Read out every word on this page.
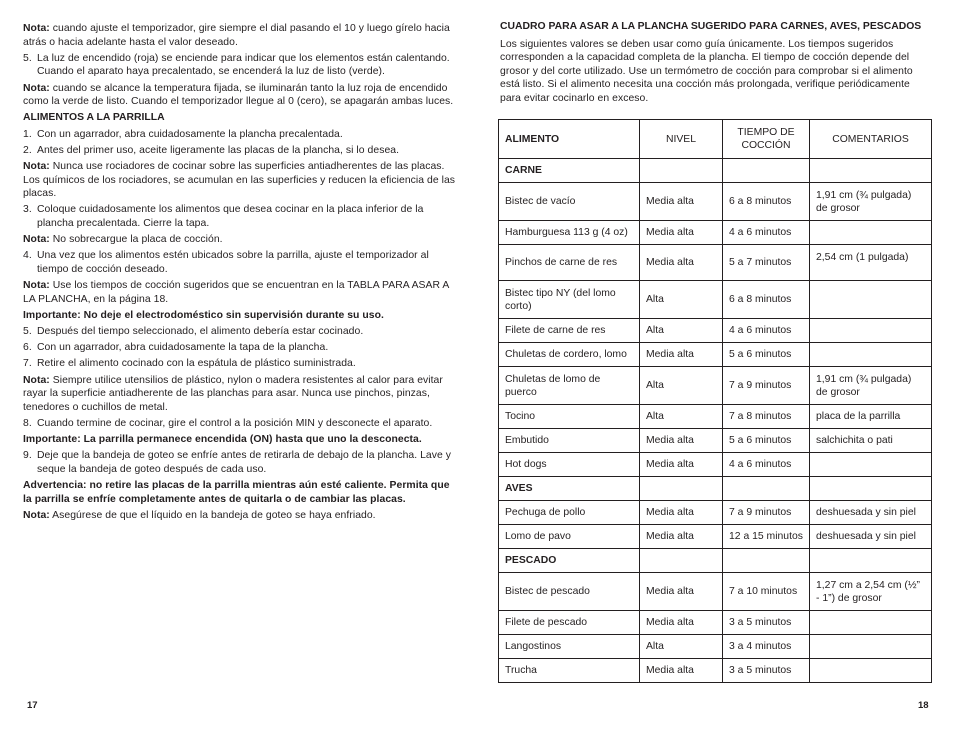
Nota: cuando ajuste el temporizador, gire siempre el dial pasando el 10 y luego gírelo hacia atrás o hacia adelante hasta el valor deseado.

5. La luz de encendido (roja) se enciende para indicar que los elementos están calentando. Cuando el aparato haya precalentado, se encenderá la luz de listo (verde).

Nota: cuando se alcance la temperatura fijada, se iluminarán tanto la luz roja de encendido como la verde de listo. Cuando el temporizador llegue al 0 (cero), se apagarán ambas luces.

ALIMENTOS A LA PARRILLA
1. Con un agarrador, abra cuidadosamente la plancha precalentada.
2. Antes del primer uso, aceite ligeramente las placas de la plancha, si lo desea.

Nota: Nunca use rociadores de cocinar sobre las superficies antiadherentes de las placas. Los químicos de los rociadores, se acumulan en las superficies y reducen la eficiencia de las placas.

3. Coloque cuidadosamente los alimentos que desea cocinar en la placa inferior de la plancha precalentada. Cierre la tapa.

Nota: No sobrecargue la placa de cocción.

4. Una vez que los alimentos estén ubicados sobre la parrilla, ajuste el temporizador al tiempo de cocción deseado.

Nota: Use los tiempos de cocción sugeridos que se encuentran en la TABLA PARA ASAR A LA PLANCHA, en la página 18.

Importante: No deje el electrodoméstico sin supervisión durante su uso.

5. Después del tiempo seleccionado, el alimento debería estar cocinado.
6. Con un agarrador, abra cuidadosamente la tapa de la plancha.
7. Retire el alimento cocinado con la espátula de plástico suministrada.

Nota: Siempre utilice utensilios de plástico, nylon o madera resistentes al calor para evitar rayar la superficie antiadherente de las planchas para asar. Nunca use pinchos, pinzas, tenedores o cuchillos de metal.

8. Cuando termine de cocinar, gire el control a la posición MIN y desconecte el aparato.

Importante: La parrilla permanece encendida (ON) hasta que uno la desconecta.

9. Deje que la bandeja de goteo se enfríe antes de retirarla de debajo de la plancha. Lave y seque la bandeja de goteo después de cada uso.

Advertencia: no retire las placas de la parrilla mientras aún esté caliente. Permita que la parrilla se enfríe completamente antes de quitarla o de cambiar las placas.

Nota: Asegúrese de que el líquido en la bandeja de goteo se haya enfriado.

17
CUADRO PARA ASAR A LA PLANCHA SUGERIDO PARA CARNES, AVES, PESCADOS

Los siguientes valores se deben usar como guía únicamente. Los tiempos sugeridos corresponden a la capacidad completa de la plancha. El tiempo de cocción depende del grosor y del corte utilizado. Use un termómetro de cocción para comprobar si el alimento está listo. Si el alimento necesita una cocción más prolongada, verifique periódicamente para evitar cocinarlo en exceso.

ALIMENTO	NIVEL	TIEMPO DE COCCIÓN	COMENTARIOS
CARNE			
Bistec de vacío	Media alta	6 a 8 minutos	1,91 cm (¾ pulgada) de grosor
Hamburguesa 113 g (4 oz)	Media alta	4 a 6 minutos	
Pinchos de carne de res	Media alta	5 a 7 minutos	2,54 cm (1 pulgada)
Bistec tipo NY (del lomo corto)	Alta	6 a 8 minutos	
Filete de carne de res	Alta	4 a 6 minutos	
Chuletas de cordero, lomo	Media alta	5 a 6 minutos	
Chuletas de lomo de puerco	Alta	7 a 9 minutos	1,91 cm (¾ pulgada) de grosor
Tocino	Alta	7 a 8 minutos	placa de la parrilla
Embutido	Media alta	5 a 6 minutos	salchichita o pati
Hot dogs	Media alta	4 a 6 minutos	
AVES			
Pechuga de pollo	Media alta	7 a 9 minutos	deshuesada y sin piel
Lomo de pavo	Media alta	12 a 15 minutos	deshuesada y sin piel
PESCADO			
Bistec de pescado	Media alta	7 a 10 minutos	1,27 cm a 2,54 cm (½” - 1”) de grosor
Filete de pescado	Media alta	3 a 5 minutos	
Langostinos	Alta	3 a 4 minutos	
Trucha	Media alta	3 a 5 minutos	
18
